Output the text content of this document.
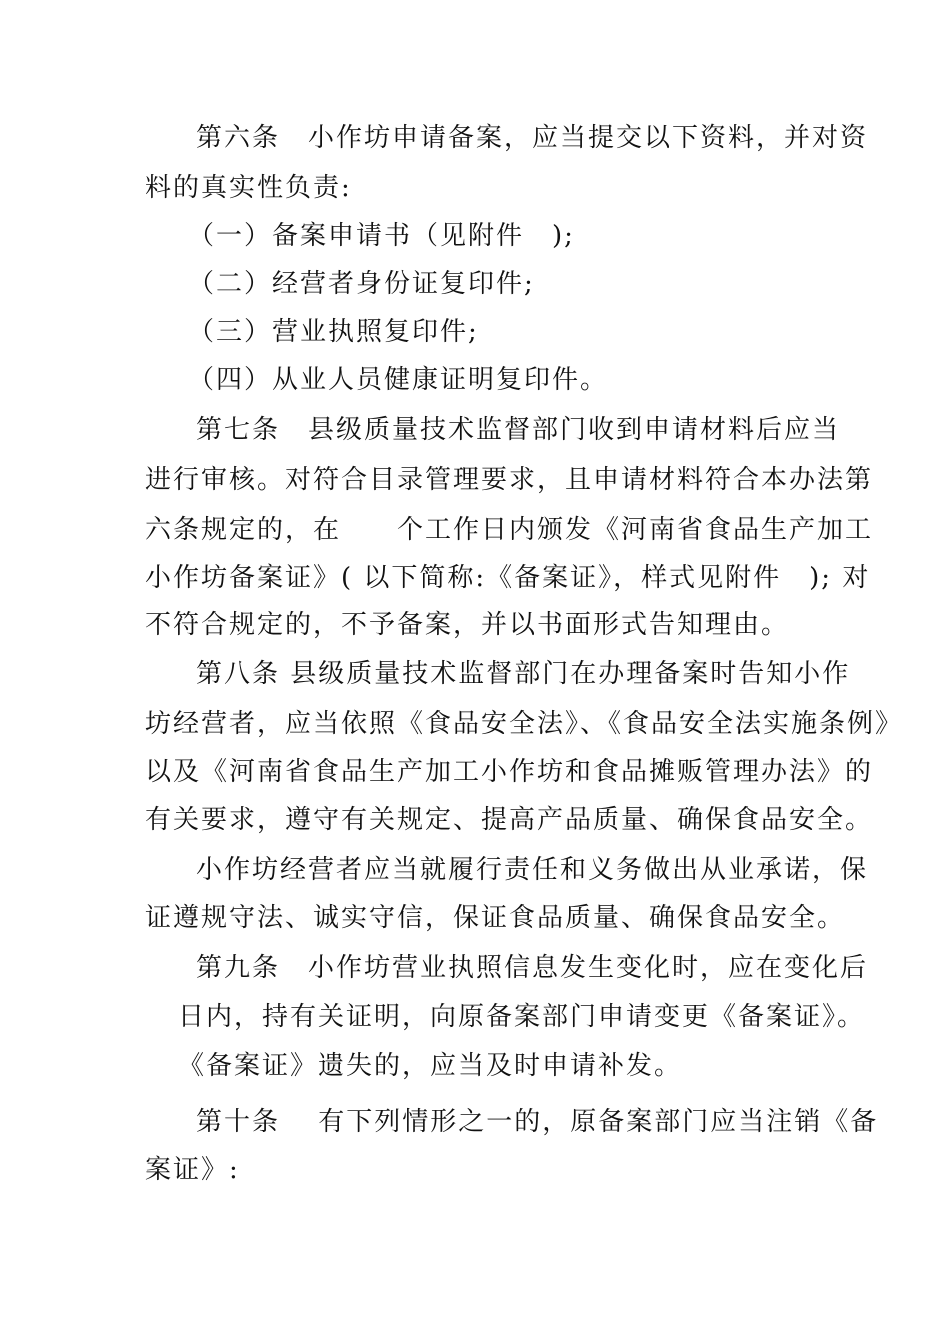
第六条　小作坊申请备案，应当提交以下资料，并对资
料的真实性负责:
（一）备案申请书（见附件　);
（二）经营者身份证复印件;
（三）营业执照复印件;
（四）从业人员健康证明复印件。
第七条　县级质量技术监督部门收到申请材料后应当
进行审核。对符合目录管理要求，且申请材料符合本办法第
六条规定的，在　　个工作日内颁发《河南省食品生产加工
小作坊备案证》( 以下简称:《备案证》，样式见附件　); 对
不符合规定的，不予备案，并以书面形式告知理由。
第八条 县级质量技术监督部门在办理备案时告知小作
坊经营者，应当依照《食品安全法》、《食品安全法实施条例》
以及《河南省食品生产加工小作坊和食品摊贩管理办法》的
有关要求，遵守有关规定、提高产品质量、确保食品安全。
小作坊经营者应当就履行责任和义务做出从业承诺，保
证遵规守法、诚实守信，保证食品质量、确保食品安全。
第九条　小作坊营业执照信息发生变化时，应在变化后
日内，持有关证明，向原备案部门申请变更《备案证》。
《备案证》遗失的，应当及时申请补发。
第十条　 有下列情形之一的，原备案部门应当注销《备
案证》:
